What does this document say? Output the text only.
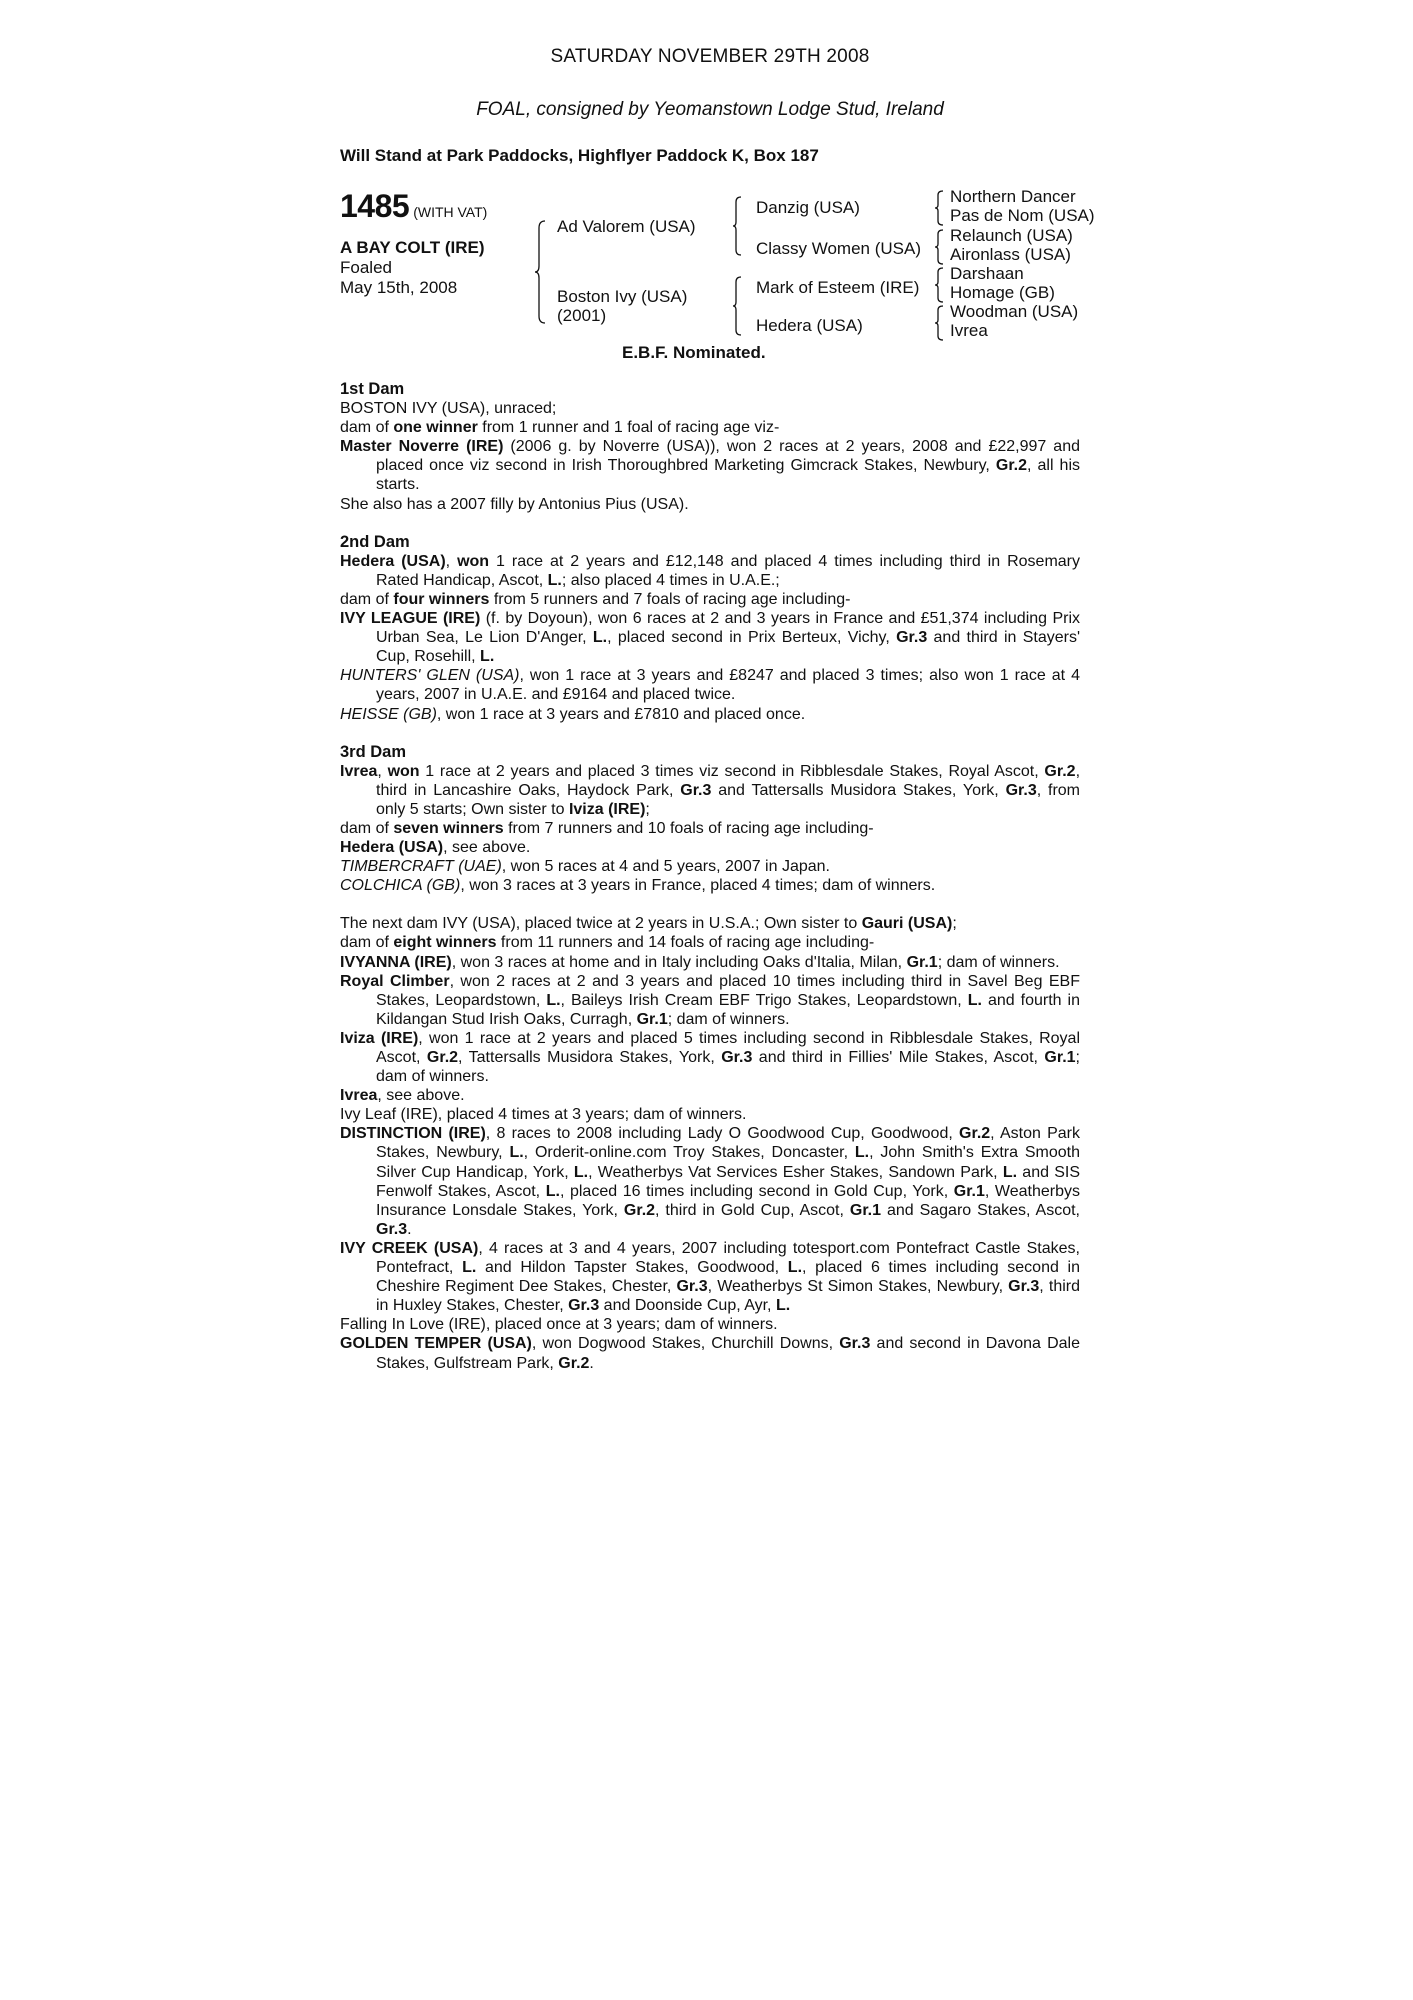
SATURDAY NOVEMBER 29TH 2008
FOAL, consigned by Yeomanstown Lodge Stud, Ireland
Will Stand at Park Paddocks, Highflyer Paddock K, Box 187
1485 (WITH VAT)
A BAY COLT (IRE)
Foaled
May 15th, 2008
Ad Valorem (USA)
Boston Ivy (USA)
(2001)
Danzig (USA)
Classy Women (USA)
Mark of Esteem (IRE)
Hedera (USA)
Northern Dancer
Pas de Nom (USA)
Relaunch (USA)
Aironlass (USA)
Darshaan
Homage (GB)
Woodman (USA)
Ivrea
E.B.F. Nominated.

1st Dam

BOSTON IVY (USA), unraced;

dam of one winner from 1 runner and 1 foal of racing age viz-

Master Noverre (IRE) (2006 g. by Noverre (USA)), won 2 races at 2 years, 2008 and £22,997 and placed once viz second in Irish Thoroughbred Marketing Gimcrack Stakes, Newbury, Gr.2, all his starts.

She also has a 2007 filly by Antonius Pius (USA).

2nd Dam

Hedera (USA), won 1 race at 2 years and £12,148 and placed 4 times including third in Rosemary Rated Handicap, Ascot, L.; also placed 4 times in U.A.E.;

dam of four winners from 5 runners and 7 foals of racing age including-

IVY LEAGUE (IRE) (f. by Doyoun), won 6 races at 2 and 3 years in France and £51,374 including Prix Urban Sea, Le Lion D'Anger, L., placed second in Prix Berteux, Vichy, Gr.3 and third in Stayers' Cup, Rosehill, L.

HUNTERS' GLEN (USA), won 1 race at 3 years and £8247 and placed 3 times; also won 1 race at 4 years, 2007 in U.A.E. and £9164 and placed twice.

HEISSE (GB), won 1 race at 3 years and £7810 and placed once.

3rd Dam

Ivrea, won 1 race at 2 years and placed 3 times viz second in Ribblesdale Stakes, Royal Ascot, Gr.2, third in Lancashire Oaks, Haydock Park, Gr.3 and Tattersalls Musidora Stakes, York, Gr.3, from only 5 starts; Own sister to Iviza (IRE);

dam of seven winners from 7 runners and 10 foals of racing age including-

Hedera (USA), see above.

TIMBERCRAFT (UAE), won 5 races at 4 and 5 years, 2007 in Japan.

COLCHICA (GB), won 3 races at 3 years in France, placed 4 times; dam of winners.

The next dam IVY (USA), placed twice at 2 years in U.S.A.; Own sister to Gauri (USA);

dam of eight winners from 11 runners and 14 foals of racing age including-

IVYANNA (IRE), won 3 races at home and in Italy including Oaks d'Italia, Milan, Gr.1; dam of winners.

Royal Climber, won 2 races at 2 and 3 years and placed 10 times including third in Savel Beg EBF Stakes, Leopardstown, L., Baileys Irish Cream EBF Trigo Stakes, Leopardstown, L. and fourth in Kildangan Stud Irish Oaks, Curragh, Gr.1; dam of winners.

Iviza (IRE), won 1 race at 2 years and placed 5 times including second in Ribblesdale Stakes, Royal Ascot, Gr.2, Tattersalls Musidora Stakes, York, Gr.3 and third in Fillies' Mile Stakes, Ascot, Gr.1; dam of winners.

Ivrea, see above.

Ivy Leaf (IRE), placed 4 times at 3 years; dam of winners.

DISTINCTION (IRE), 8 races to 2008 including Lady O Goodwood Cup, Goodwood, Gr.2, Aston Park Stakes, Newbury, L., Orderit-online.com Troy Stakes, Doncaster, L., John Smith's Extra Smooth Silver Cup Handicap, York, L., Weatherbys Vat Services Esher Stakes, Sandown Park, L. and SIS Fenwolf Stakes, Ascot, L., placed 16 times including second in Gold Cup, York, Gr.1, Weatherbys Insurance Lonsdale Stakes, York, Gr.2, third in Gold Cup, Ascot, Gr.1 and Sagaro Stakes, Ascot, Gr.3.

IVY CREEK (USA), 4 races at 3 and 4 years, 2007 including totesport.com Pontefract Castle Stakes, Pontefract, L. and Hildon Tapster Stakes, Goodwood, L., placed 6 times including second in Cheshire Regiment Dee Stakes, Chester, Gr.3, Weatherbys St Simon Stakes, Newbury, Gr.3, third in Huxley Stakes, Chester, Gr.3 and Doonside Cup, Ayr, L.

Falling In Love (IRE), placed once at 3 years; dam of winners.

GOLDEN TEMPER (USA), won Dogwood Stakes, Churchill Downs, Gr.3 and second in Davona Dale Stakes, Gulfstream Park, Gr.2.
